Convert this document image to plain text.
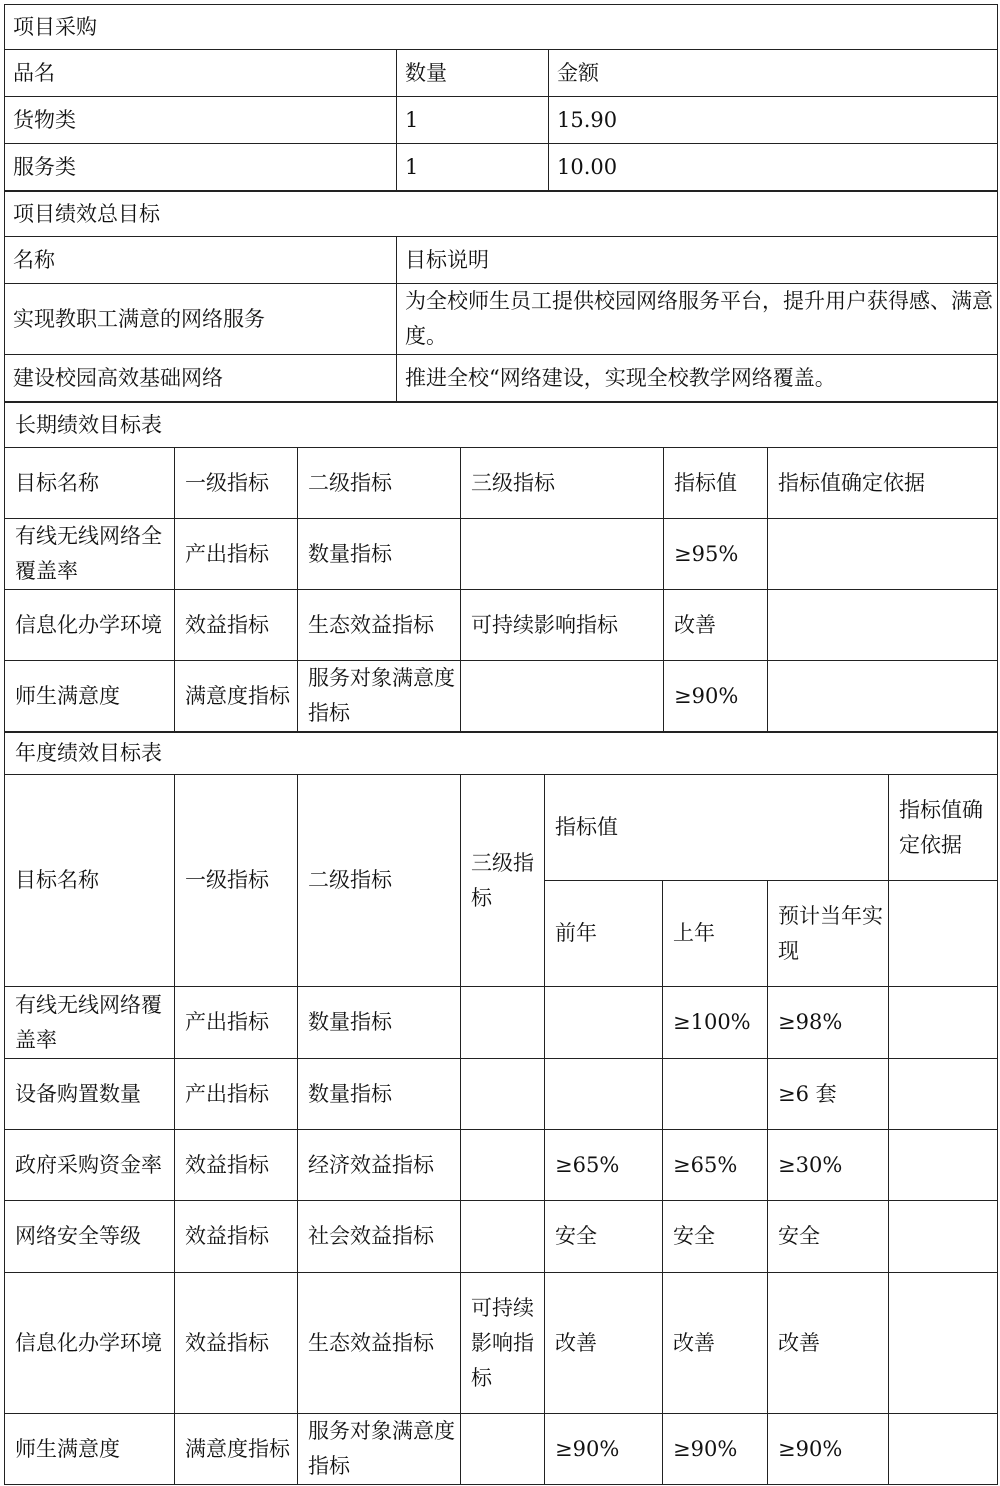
项目采购		
品名	数量	金额
货物类	1	15.90
服务类	1	10.00
项目绩效总目标	
名称	目标说明
实现教职工满意的网络服务	为全校师生员工提供校园网络服务平台，提升用户获得感、满意度。
建设校园高效基础网络	推进全校“网络建设，实现全校教学网络覆盖。
长期绩效目标表					
目标名称	一级指标	二级指标	三级指标	指标值	指标值确定依据
有线无线网络全覆盖率	产出指标	数量指标		≥95%	
信息化办学环境	效益指标	生态效益指标	可持续影响指标	改善	
师生满意度	满意度指标	服务对象满意度指标		≥90%	
年度绩效目标表							
目标名称	一级指标	二级指标	三级指标	指标值			指标值确定依据
				前年	上年	预计当年实现	
有线无线网络覆盖率	产出指标	数量指标			≥100%	≥98%	
设备购置数量	产出指标	数量指标				≥6 套	
政府采购资金率	效益指标	经济效益指标		≥65%	≥65%	≥30%	
网络安全等级	效益指标	社会效益指标		安全	安全	安全	
信息化办学环境	效益指标	生态效益指标	可持续影响指标	改善	改善	改善	
师生满意度	满意度指标	服务对象满意度指标		≥90%	≥90%	≥90%	
